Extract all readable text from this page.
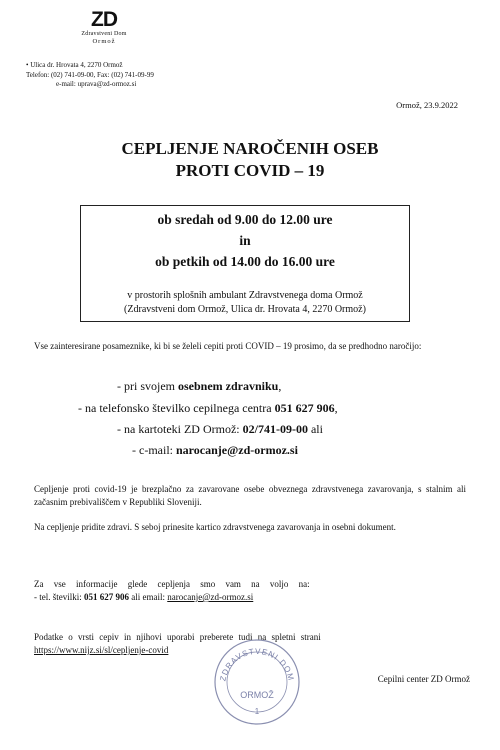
ZD
Zdravstveni Dom
Ormož
• Ulica dr. Hrovata 4, 2270 Ormož
Telefon: (02) 741-09-00, Fax: (02) 741-09-99
e-mail: uprava@zd-ormoz.si
Ormož, 23.9.2022
CEPLJENJE NAROČENIH OSEB
PROTI COVID – 19
ob sredah od 9.00 do 12.00 ure
in
ob petkih od 14.00 do 16.00 ure
v prostorih splošnih ambulant Zdravstvenega doma Ormož
(Zdravstveni dom Ormož, Ulica dr. Hrovata 4, 2270 Ormož)
Vse zainteresirane posameznike, ki bi se želeli cepiti proti COVID – 19 prosimo, da se predhodno naročijo:
- pri svojem osebnem zdravniku,
- na telefonsko številko cepilnega centra 051 627 906,
- na kartoteki ZD Ormož: 02/741-09-00 ali
- c-mail: narocanje@zd-ormoz.si
Cepljenje proti covid-19 je brezplačno za zavarovane osebe obveznega zdravstvenega zavarovanja, s stalnim ali začasnim prebivališčem v Republiki Sloveniji.
Na cepljenje pridite zdravi. S seboj prinesite kartico zdravstvenega zavarovanja in osebni dokument.
Za vse informacije glede cepljenja smo vam na voljo na:
- tel. številki: 051 627 906 ali email: narocanje@zd-ormoz.si
Podatke o vrsti cepiv in njihovi uporabi preberete tudi na spletni strani
https://www.nijz.si/sl/cepljenje-covid
ZDRAVSTVENI DOM
ORMOŽ
1
Cepilni center ZD Ormož
